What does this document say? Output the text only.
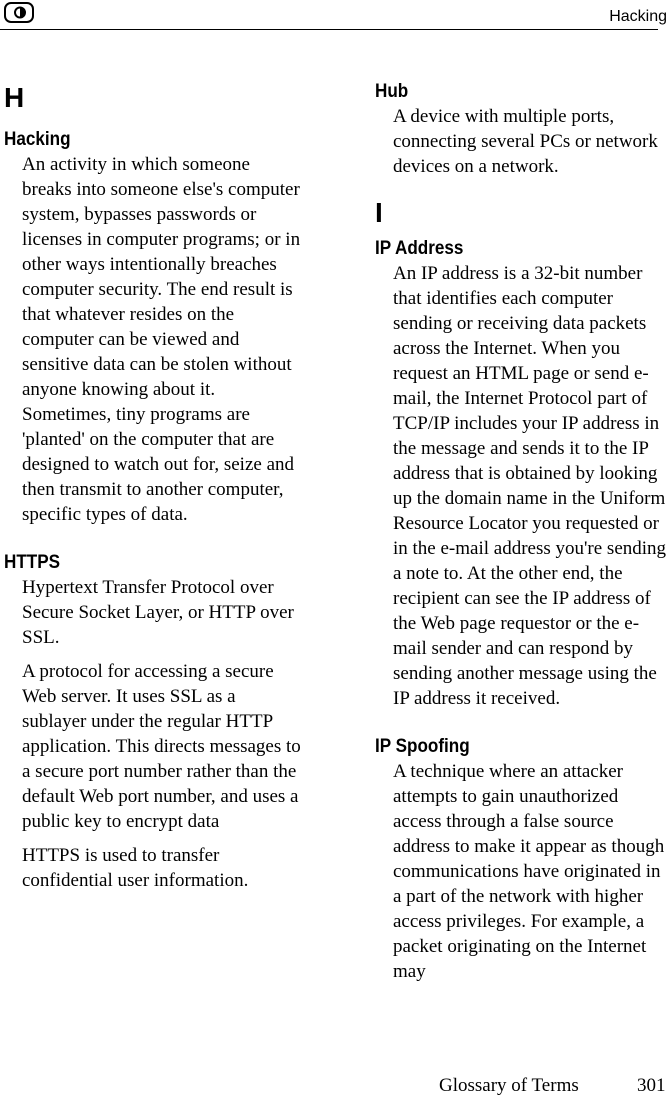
Hacking
H
Hacking

An activity in which someone breaks into someone else's computer system, bypasses passwords or licenses in computer programs; or in other ways intentionally breaches computer security. The end result is that whatever resides on the computer can be viewed and sensitive data can be stolen without anyone knowing about it. Sometimes, tiny programs are 'planted' on the computer that are designed to watch out for, seize and then transmit to another computer, specific types of data.

HTTPS

Hypertext Transfer Protocol over Secure Socket Layer, or HTTP over SSL.

A protocol for accessing a secure Web server. It uses SSL as a sublayer under the regular HTTP application. This directs messages to a secure port number rather than the default Web port number, and uses a public key to encrypt data

HTTPS is used to transfer confidential user information.

Hub

A device with multiple ports, connecting several PCs or network devices on a network.

I
IP Address

An IP address is a 32-bit number that identifies each computer sending or receiving data packets across the Internet. When you request an HTML page or send e-mail, the Internet Protocol part of TCP/IP includes your IP address in the message and sends it to the IP address that is obtained by looking up the domain name in the Uniform Resource Locator you requested or in the e-mail address you're sending a note to. At the other end, the recipient can see the IP address of the Web page requestor or the e-mail sender and can respond by sending another message using the IP address it received.

IP Spoofing

A technique where an attacker attempts to gain unauthorized access through a false source address to make it appear as though communications have originated in a part of the network with higher access privileges. For example, a packet originating on the Internet may

Glossary of Terms	301
